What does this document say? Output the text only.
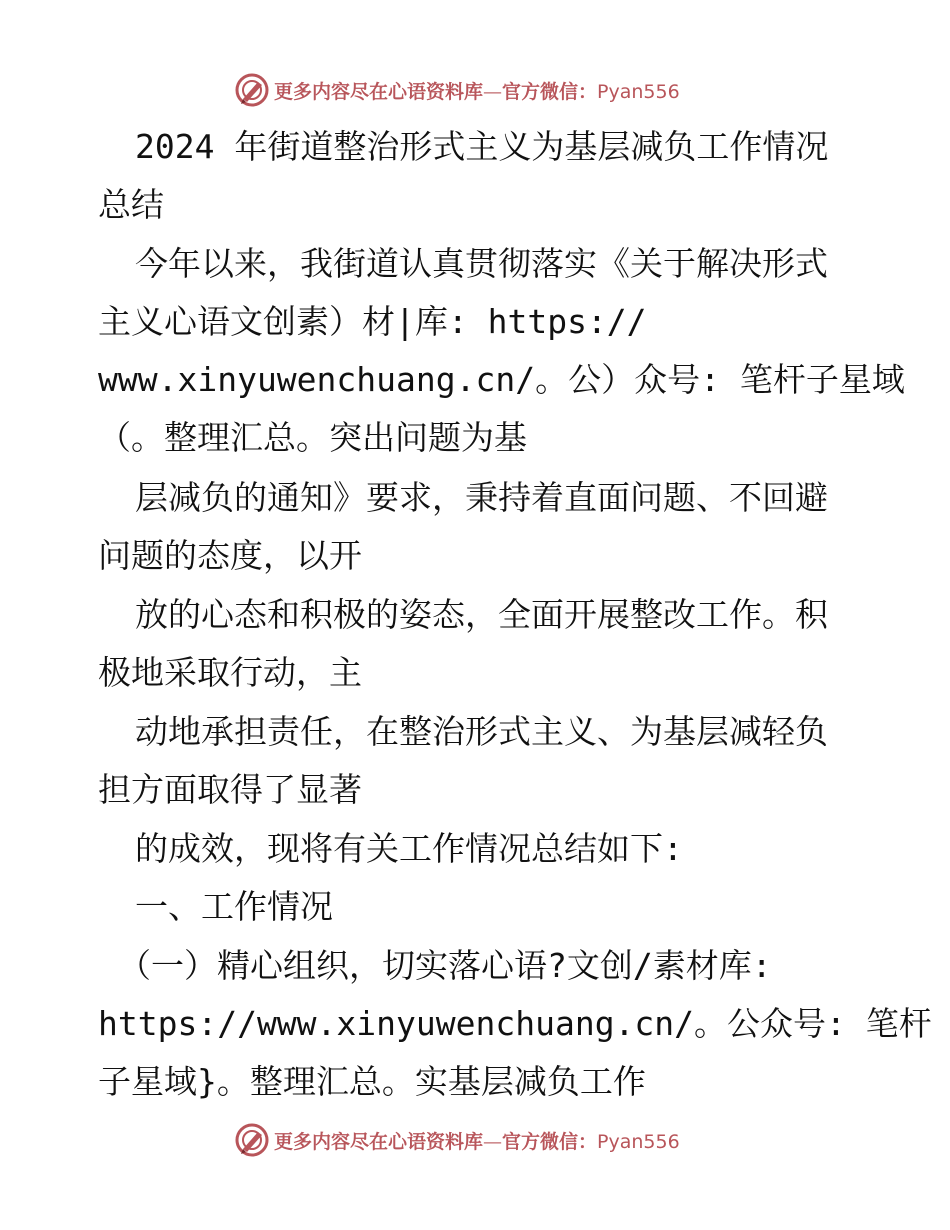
更多内容尽在心语资料库—官方微信：Pyan556
2024 年街道整治形式主义为基层减负工作情况
总结
今年以来，我街道认真贯彻落实《关于解决形式
主义心语文创素）材|库: https://
www.xinyuwenchuang.cn/。公）众号: 笔杆子星域
（。整理汇总。突出问题为基
层减负的通知》要求，秉持着直面问题、不回避
问题的态度，以开
放的心态和积极的姿态，全面开展整改工作。积
极地采取行动，主
动地承担责任，在整治形式主义、为基层减轻负
担方面取得了显著
的成效，现将有关工作情况总结如下:
一、工作情况
（一）精心组织，切实落心语?文创/素材库:
https://www.xinyuwenchuang.cn/。公众号: 笔杆
子星域}。整理汇总。实基层减负工作
更多内容尽在心语资料库—官方微信：Pyan556
